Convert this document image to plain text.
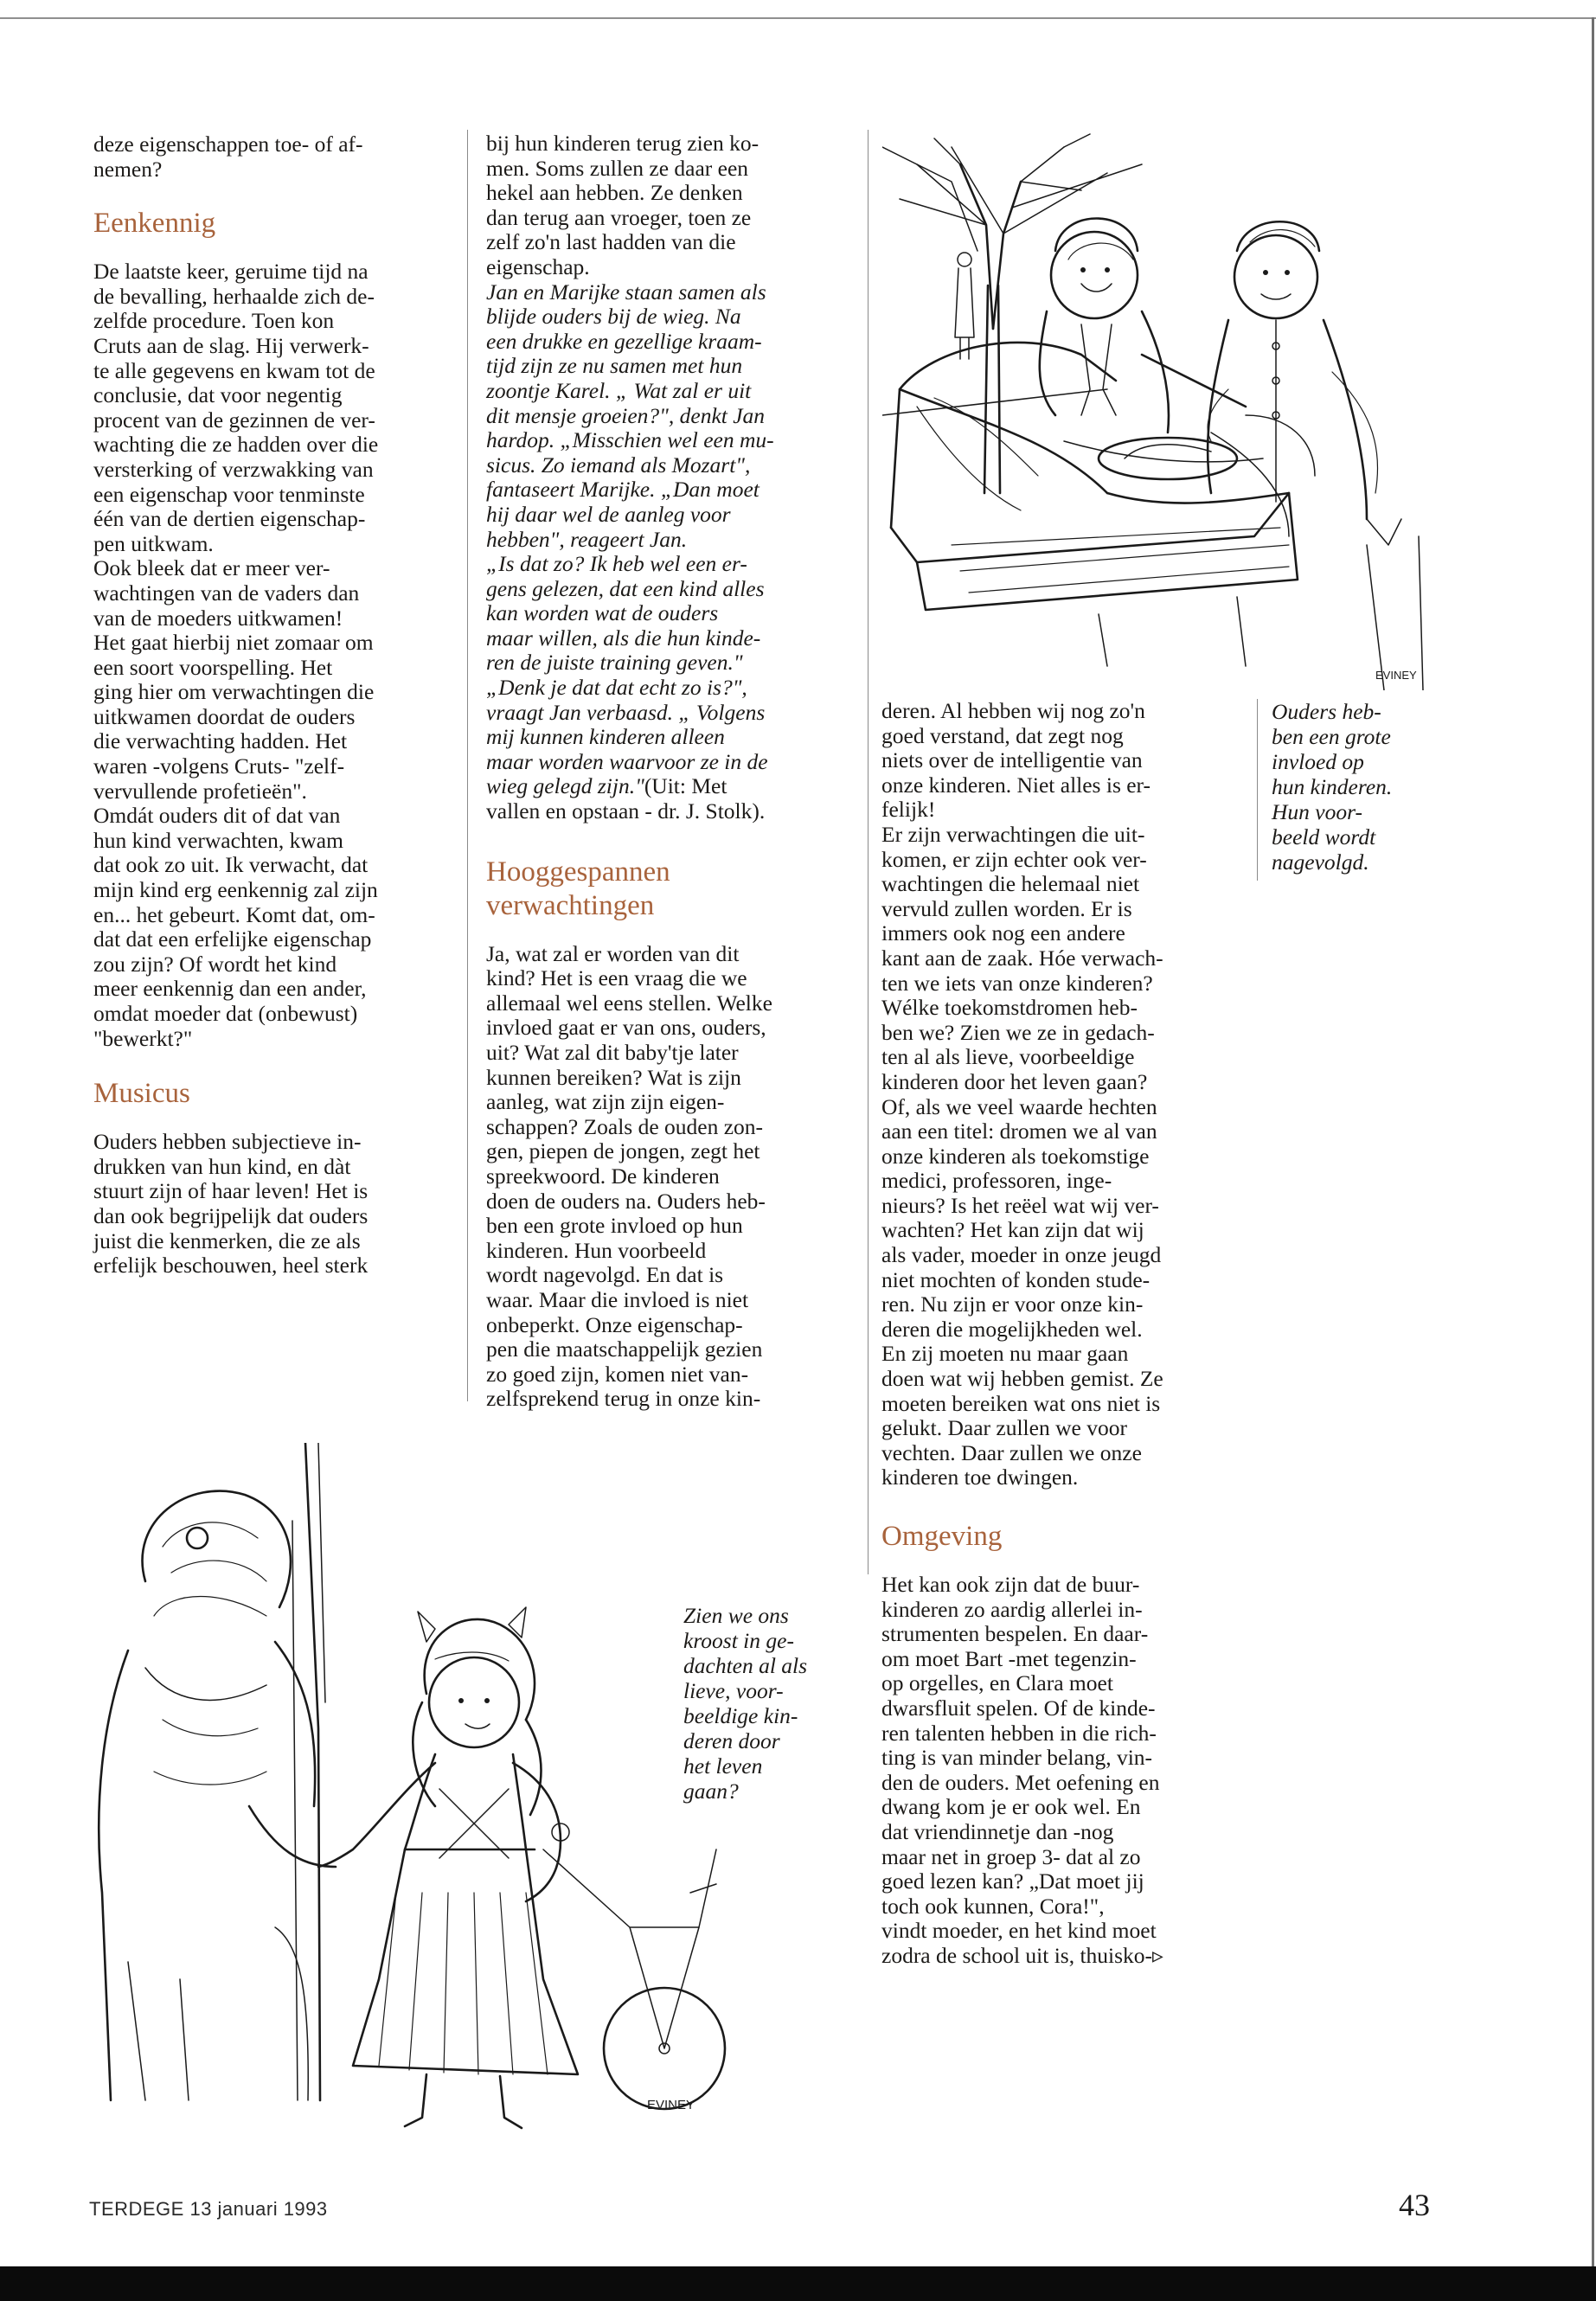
deze eigenschappen toe- of af-
nemen?

Eenkennig

De laatste keer, geruime tijd na
de bevalling, herhaalde zich de-
zelfde procedure. Toen kon
Cruts aan de slag. Hij verwerk-
te alle gegevens en kwam tot de
conclusie, dat voor negentig
procent van de gezinnen de ver-
wachting die ze hadden over die
versterking of verzwakking van
een eigenschap voor tenminste
één van de dertien eigenschap-
pen uitkwam.
Ook bleek dat er meer ver-
wachtingen van de vaders dan
van de moeders uitkwamen!
Het gaat hierbij niet zomaar om
een soort voorspelling. Het
ging hier om verwachtingen die
uitkwamen doordat de ouders
die verwachting hadden. Het
waren -volgens Cruts- "zelf-
vervullende profetieën".
Omdát ouders dit of dat van
hun kind verwachten, kwam
dat ook zo uit. Ik verwacht, dat
mijn kind erg eenkennig zal zijn
en... het gebeurt. Komt dat, om-
dat dat een erfelijke eigenschap
zou zijn? Of wordt het kind
meer eenkennig dan een ander,
omdat moeder dat (onbewust)
"bewerkt?"

Musicus

Ouders hebben subjectieve in-
drukken van hun kind, en dàt
stuurt zijn of haar leven! Het is
dan ook begrijpelijk dat ouders
juist die kenmerken, die ze als
erfelijk beschouwen, heel sterk

bij hun kinderen terug zien ko-
men. Soms zullen ze daar een
hekel aan hebben. Ze denken
dan terug aan vroeger, toen ze
zelf zo'n last hadden van die
eigenschap.

Jan en Marijke staan samen als
blijde ouders bij de wieg. Na
een drukke en gezellige kraam-
tijd zijn ze nu samen met hun
zoontje Karel. „ Wat zal er uit
dit mensje groeien?", denkt Jan
hardop. „Misschien wel een mu-
sicus. Zo iemand als Mozart",
fantaseert Marijke. „Dan moet
hij daar wel de aanleg voor
hebben", reageert Jan.
„Is dat zo? Ik heb wel een er-
gens gelezen, dat een kind alles
kan worden wat de ouders
maar willen, als die hun kinde-
ren de juiste training geven."
„Denk je dat dat echt zo is?",
vraagt Jan verbaasd. „ Volgens
mij kunnen kinderen alleen
maar worden waarvoor ze in de
wieg gelegd zijn."(Uit: Met
vallen en opstaan - dr. J. Stolk).

Hooggespannen
verwachtingen

Ja, wat zal er worden van dit
kind? Het is een vraag die we
allemaal wel eens stellen. Welke
invloed gaat er van ons, ouders,
uit? Wat zal dit baby'tje later
kunnen bereiken? Wat is zijn
aanleg, wat zijn zijn eigen-
schappen? Zoals de ouden zon-
gen, piepen de jongen, zegt het
spreekwoord. De kinderen
doen de ouders na. Ouders heb-
ben een grote invloed op hun
kinderen. Hun voorbeeld
wordt nagevolgd. En dat is
waar. Maar die invloed is niet
onbeperkt. Onze eigenschap-
pen die maatschappelijk gezien
zo goed zijn, komen niet van-
zelfsprekend terug in onze kin-

deren. Al hebben wij nog zo'n
goed verstand, dat zegt nog
niets over de intelligentie van
onze kinderen. Niet alles is er-
felijk!
Er zijn verwachtingen die uit-
komen, er zijn echter ook ver-
wachtingen die helemaal niet
vervuld zullen worden. Er is
immers ook nog een andere
kant aan de zaak. Hóe verwach-
ten we iets van onze kinderen?
Wélke toekomstdromen heb-
ben we? Zien we ze in gedach-
ten al als lieve, voorbeeldige
kinderen door het leven gaan?
Of, als we veel waarde hechten
aan een titel: dromen we al van
onze kinderen als toekomstige
medici, professoren, inge-
nieurs? Is het reëel wat wij ver-
wachten? Het kan zijn dat wij
als vader, moeder in onze jeugd
niet mochten of konden stude-
ren. Nu zijn er voor onze kin-
deren die mogelijkheden wel.
En zij moeten nu maar gaan
doen wat wij hebben gemist. Ze
moeten bereiken wat ons niet is
gelukt. Daar zullen we voor
vechten. Daar zullen we onze
kinderen toe dwingen.

Omgeving

Het kan ook zijn dat de buur-
kinderen zo aardig allerlei in-
strumenten bespelen. En daar-
om moet Bart -met tegenzin-
op orgelles, en Clara moet
dwarsfluit spelen. Of de kinde-
ren talenten hebben in die rich-
ting is van minder belang, vin-
den de ouders. Met oefening en
dwang kom je er ook wel. En
dat vriendinnetje dan -nog
maar net in groep 3- dat al zo
goed lezen kan? „Dat moet jij
toch ook kunnen, Cora!",
vindt moeder, en het kind moet
zodra de school uit is, thuisko-▹

Ouders heb-
ben een grote
invloed op
hun kinderen.
Hun voor-
beeld wordt
nagevolgd.
Zien we ons
kroost in ge-
dachten al als
lieve, voor-
beeldige kin-
deren door
het leven
gaan?
EVINEY
EVINEY
TERDEGE 13 januari 1993	43
